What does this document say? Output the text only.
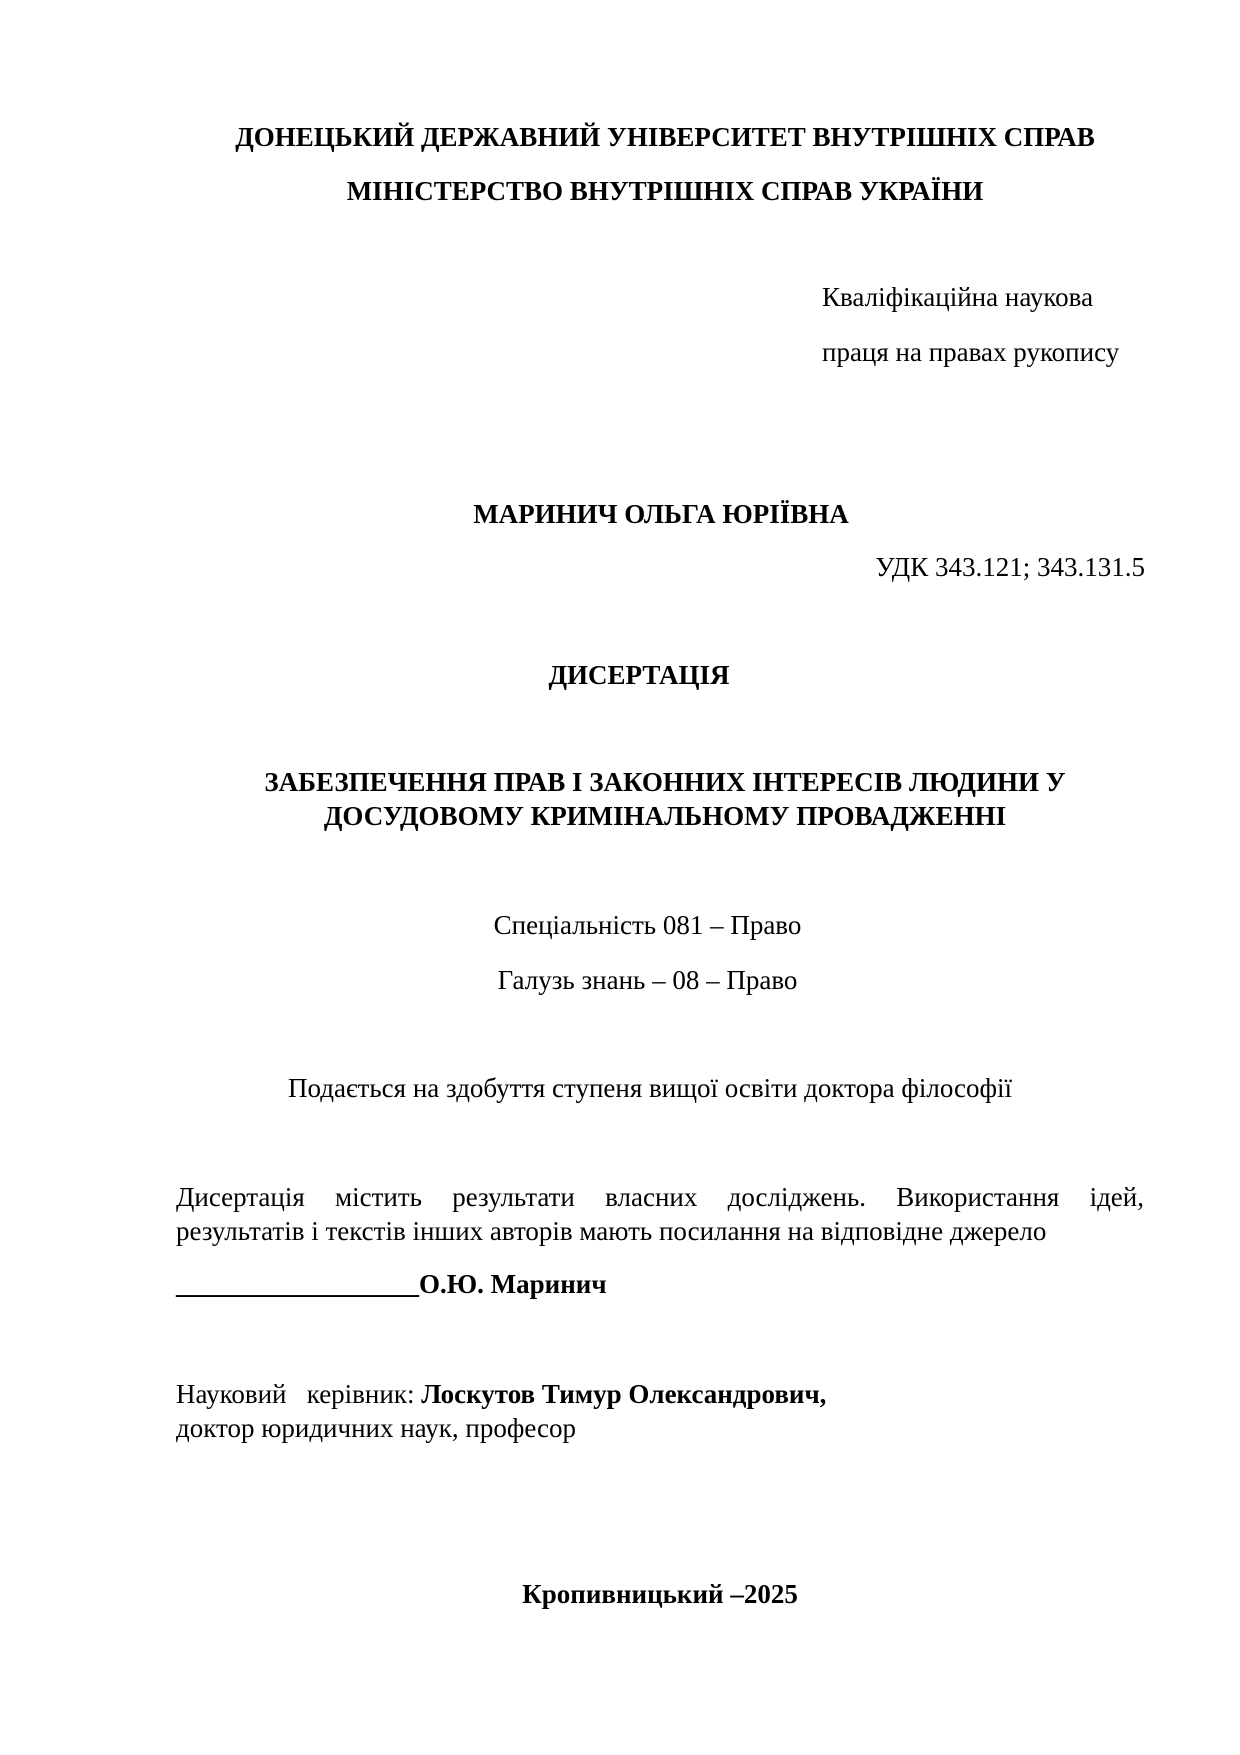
ДОНЕЦЬКИЙ ДЕРЖАВНИЙ УНІВЕРСИТЕТ ВНУТРІШНІХ СПРАВ

МІНІСТЕРСТВО ВНУТРІШНІХ СПРАВ УКРАЇНИ

Кваліфікаційна наукова

праця на правах рукопису

МАРИНИЧ ОЛЬГА ЮРІЇВНА

УДК 343.121; 343.131.5

ДИСЕРТАЦІЯ

ЗАБЕЗПЕЧЕННЯ ПРАВ І ЗАКОННИХ ІНТЕРЕСІВ ЛЮДИНИ У

ДОСУДОВОМУ КРИМІНАЛЬНОМУ ПРОВАДЖЕННІ

Спеціальність 081 – Право

Галузь знань – 08 – Право

Подається на здобуття ступеня вищої освіти доктора філософії

Дисертація містить результати власних досліджень. Використання ідей,

результатів і текстів інших авторів мають посилання на відповідне джерело

__________________О.Ю. Маринич

Науковий   керівник: Лоскутов Тимур Олександрович,

доктор юридичних наук, професор

Кропивницький –2025
